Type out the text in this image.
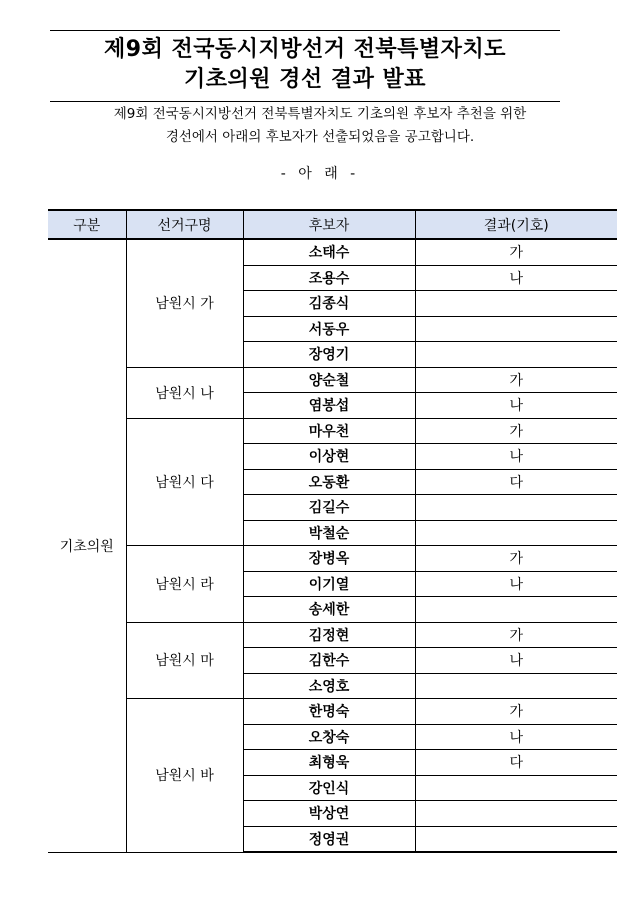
제9회 전국동시지방선거 전북특별자치도
기초의원 경선 결과 발표
제9회 전국동시지방선거 전북특별자치도 기초의원 후보자 추천을 위한
경선에서 아래의 후보자가 선출되었음을 공고합니다.
- 아 래 -
구분	선거구명	후보자	결과(기호)
기초의원	남원시 가	소태수	가
		조용수	나
		김종식	
		서동우	
		장영기	
	남원시 나	양순철	가
		염봉섭	나
	남원시 다	마우천	가
		이상현	나
		오동환	다
		김길수	
		박철순	
	남원시 라	장병옥	가
		이기열	나
		송세한	
	남원시 마	김정현	가
		김한수	나
		소영호	
	남원시 바	한명숙	가
		오창숙	나
		최형욱	다
		강인식	
		박상연	
		정영권	
